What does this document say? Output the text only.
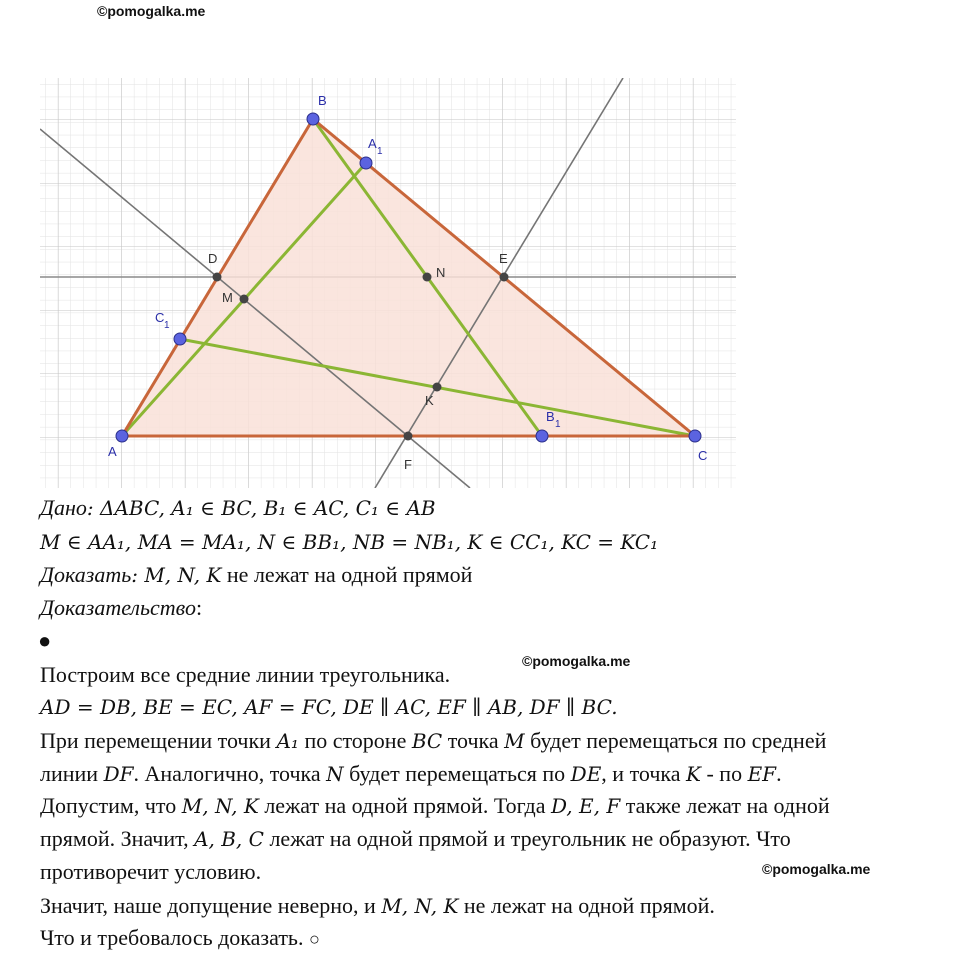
©pomogalka.me
©pomogalka.me
©pomogalka.me
A
B
C
A
1
B
1
C
1
D	E
F
M
N
K
Дано: ΔABC, A₁ ∈ BC, B₁ ∈ AC, C₁ ∈ AB
M ∈ AA₁, MA = MA₁, N ∈ BB₁, NB = NB₁, K ∈ CC₁, KC = KC₁
Доказать: M, N, K не лежат на одной прямой
Доказательство:
●
Построим все средние линии треугольника.
AD = DB, BE = EC, AF = FC, DE ∥ AC, EF ∥ AB, DF ∥ BC.
При перемещении точки A₁ по стороне BC точка M будет перемещаться по средней
линии DF. Аналогично, точка N будет перемещаться по DE, и точка K - по EF.
Допустим, что M, N, K лежат на одной прямой. Тогда D, E, F также лежат на одной
прямой. Значит, A, B, C лежат на одной прямой и треугольник не образуют. Что
противоречит условию.
Значит, наше допущение неверно, и M, N, K не лежат на одной прямой.
Что и требовалось доказать. ○
